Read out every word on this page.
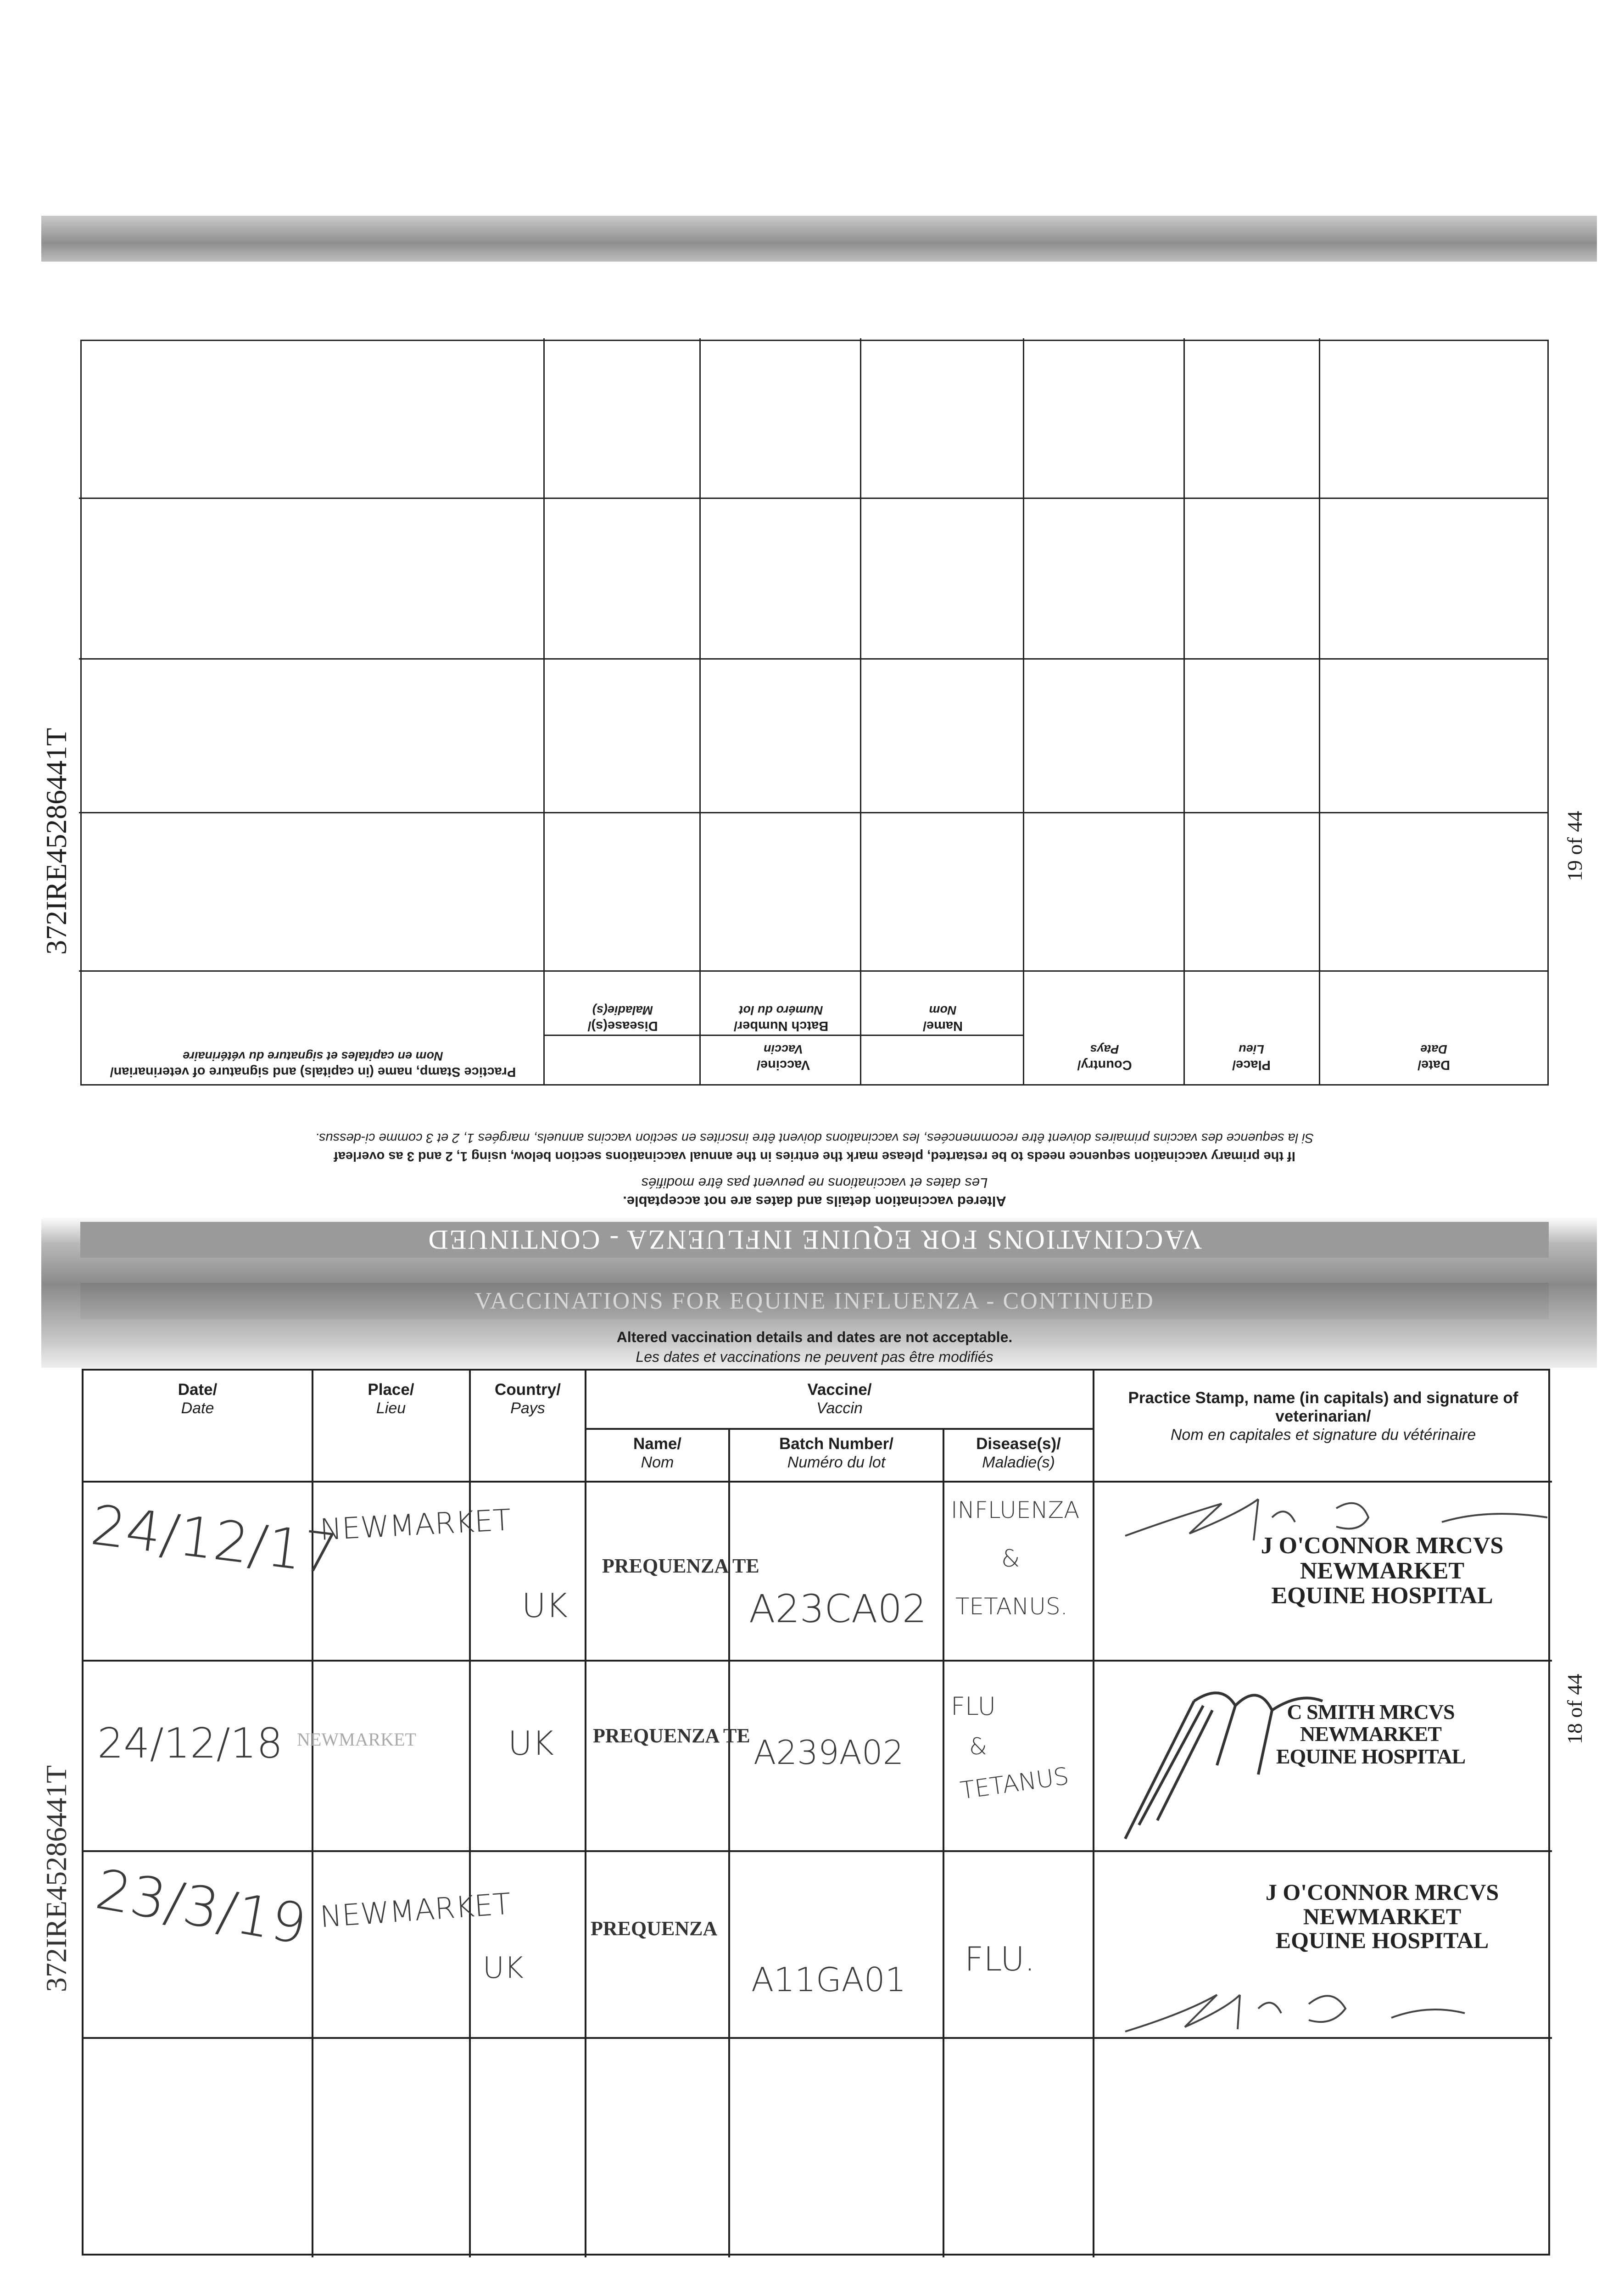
372IRE45286441T	19 of 44
VACCINATIONS FOR EQUINE INFLUENZA - CONTINUED
Altered vaccination details and dates are not acceptable.
Les dates et vaccinations ne peuvent pas être modifiés
If the primary vaccination sequence needs to be restarted, please mark the entries in the annual vaccinations section below, using 1, 2 and 3 as overleaf
Si la sequence des vaccins primaires doivent être recommencées, les vaccinations doivent être inscrites en section vaccins annuels, margées 1, 2 et 3 comme ci-dessus.
Practice Stamp, name (in capitals) and signature of veterinarian/
Nom en capitales et signature du vétérinaire
Disease(s)/
Maladie(s)
Batch Number/
Numéro du lot
Name/
Nom
Vaccine/
Vaccin
Country/
Pays
Place/
Lieu
Date/
Date
VACCINATIONS FOR EQUINE INFLUENZA - CONTINUED
Altered vaccination details and dates are not acceptable.
Les dates et vaccinations ne peuvent pas être modifiés
Date/
Date
Place/
Lieu
Country/
Pays
Vaccine/
Vaccin
Name/
Nom
Batch Number/
Numéro du lot
Disease(s)/
Maladie(s)
Practice Stamp, name (in capitals) and signature of veterinarian/
Nom en capitales et signature du vétérinaire
24/12/17
NEWMARKET
UK
PREQUENZA TE
A23CA02
INFLUENZA
&
TETANUS.
J O'CONNOR MRCVS
NEWMARKET
EQUINE HOSPITAL
24/12/18 NEWMARKET	UK PREQUENZA TE A239A02
FLU
&
TETANUS
C SMITH MRCVS
NEWMARKET
EQUINE HOSPITAL
23/3/19 NEWMARKET
UK
PREQUENZA
A11GA01
FLU.
J O'CONNOR MRCVS
NEWMARKET
EQUINE HOSPITAL
372IRE45286441T
18 of 44
